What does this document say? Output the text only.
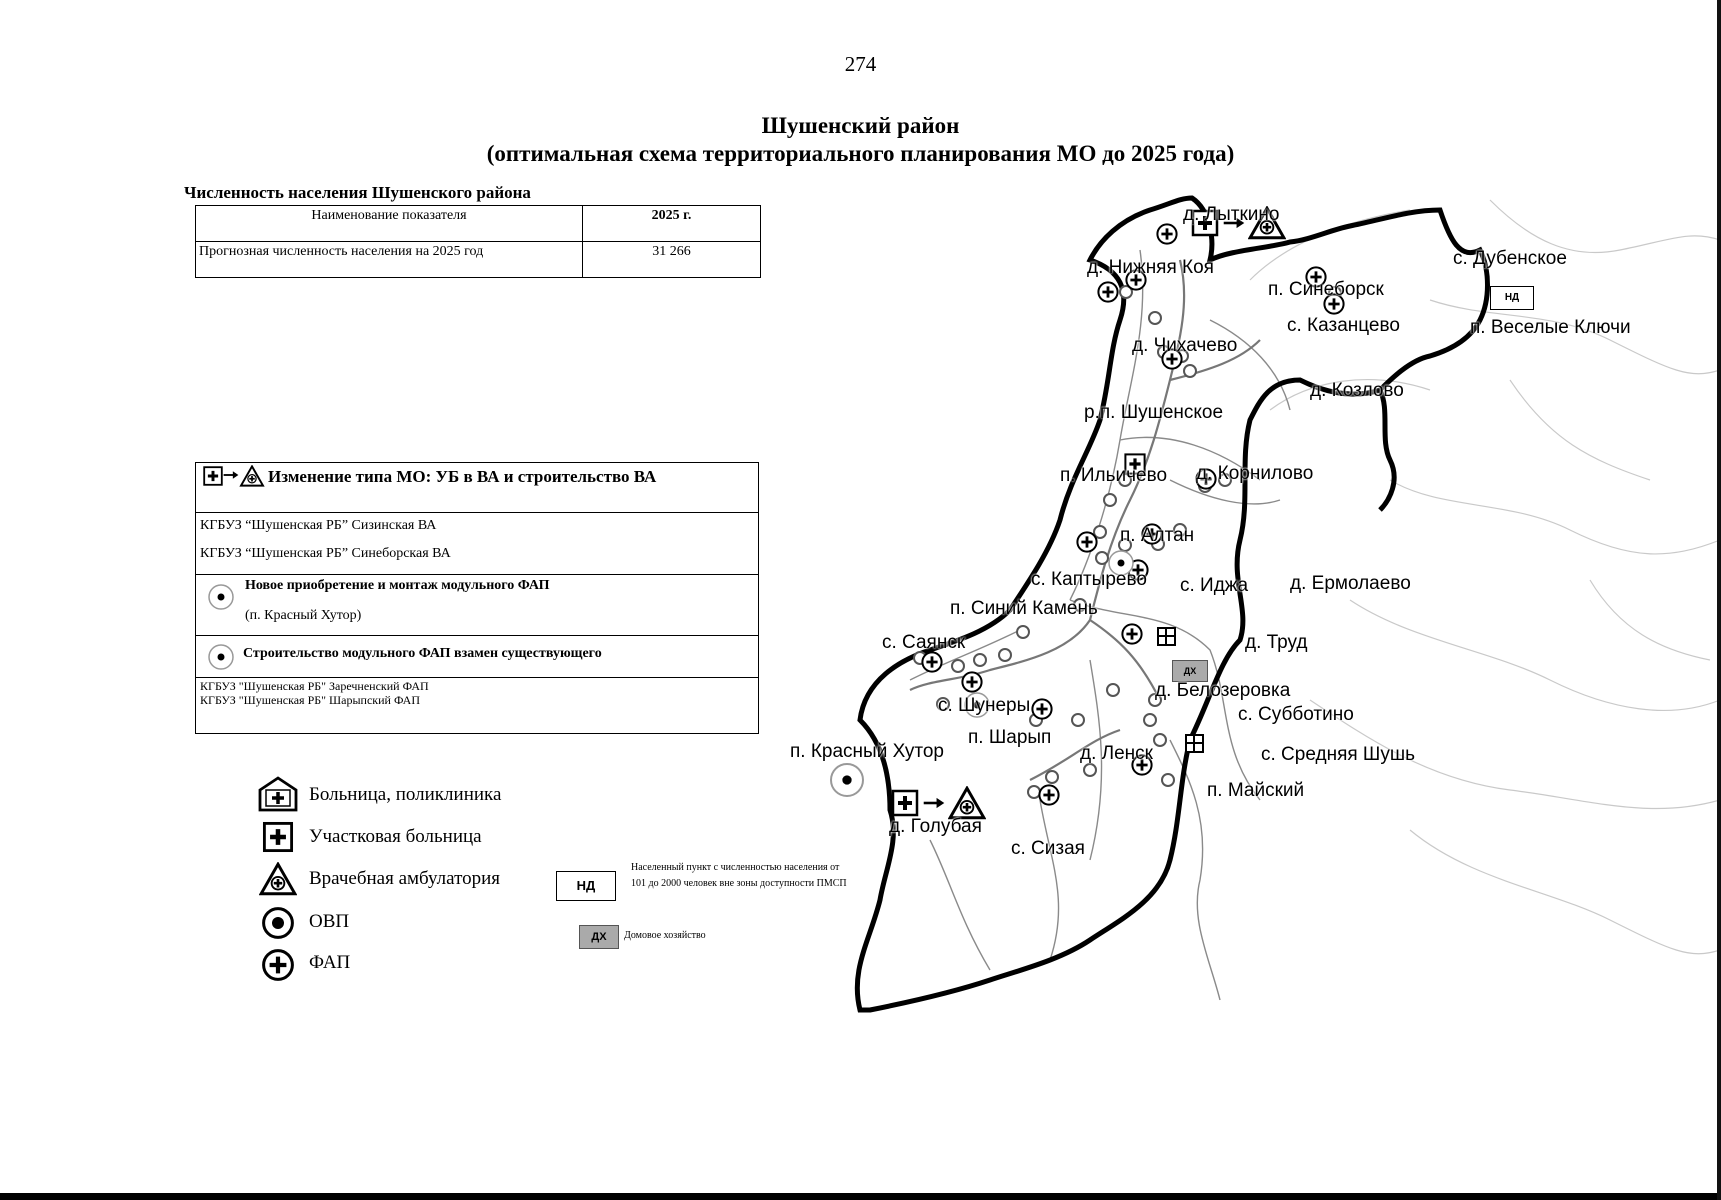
274
Шушенский район
(оптимальная схема территориального планирования МО до 2025 года)
Численность населения Шушенского района
Наименование показателя	2025 г.
Прогнозная численность населения на 2025 год	31 266
Изменение типа МО: УБ в ВА и строительство ВА
КГБУЗ “Шушенская РБ” Сизинская ВА
КГБУЗ “Шушенская РБ” Синеборская ВА
Новое приобретение и монтаж модульного ФАП
(п. Красный Хутор)
Строительство модульного ФАП взамен существующего
КГБУЗ "Шушенская РБ" Заречненский ФАП
КГБУЗ "Шушенская РБ" Шарыпский ФАП
Больница, поликлиника
Участковая больница
Врачебная амбулатория
ОВП
ФАП
НД
Населенный пункт с численностью населения от 101 до 2000 человек вне зоны доступности ПМСП
ДХ	Домовое хозяйство
НД
ДХ
д. Лыткино
д. Нижняя Коя
п. Синеборск
с. Дубенское
с. Казанцево	п. Веселые Ключи
д. Чихачево
д. Козлово
р.п. Шушенское
п. Ильичево д. Корнилово
п. Алтан
с. Каптырево с. Иджа д. Ермолаево
п. Синий Камень
с. Саянск	д. Труд
с. Шунеры
д. Белозеровка
п. Шарып
с. Субботино
п. Красный Хутор	д. Ленск	с. Средняя Шушь
п. Майский
д. Голубая
с. Сизая
